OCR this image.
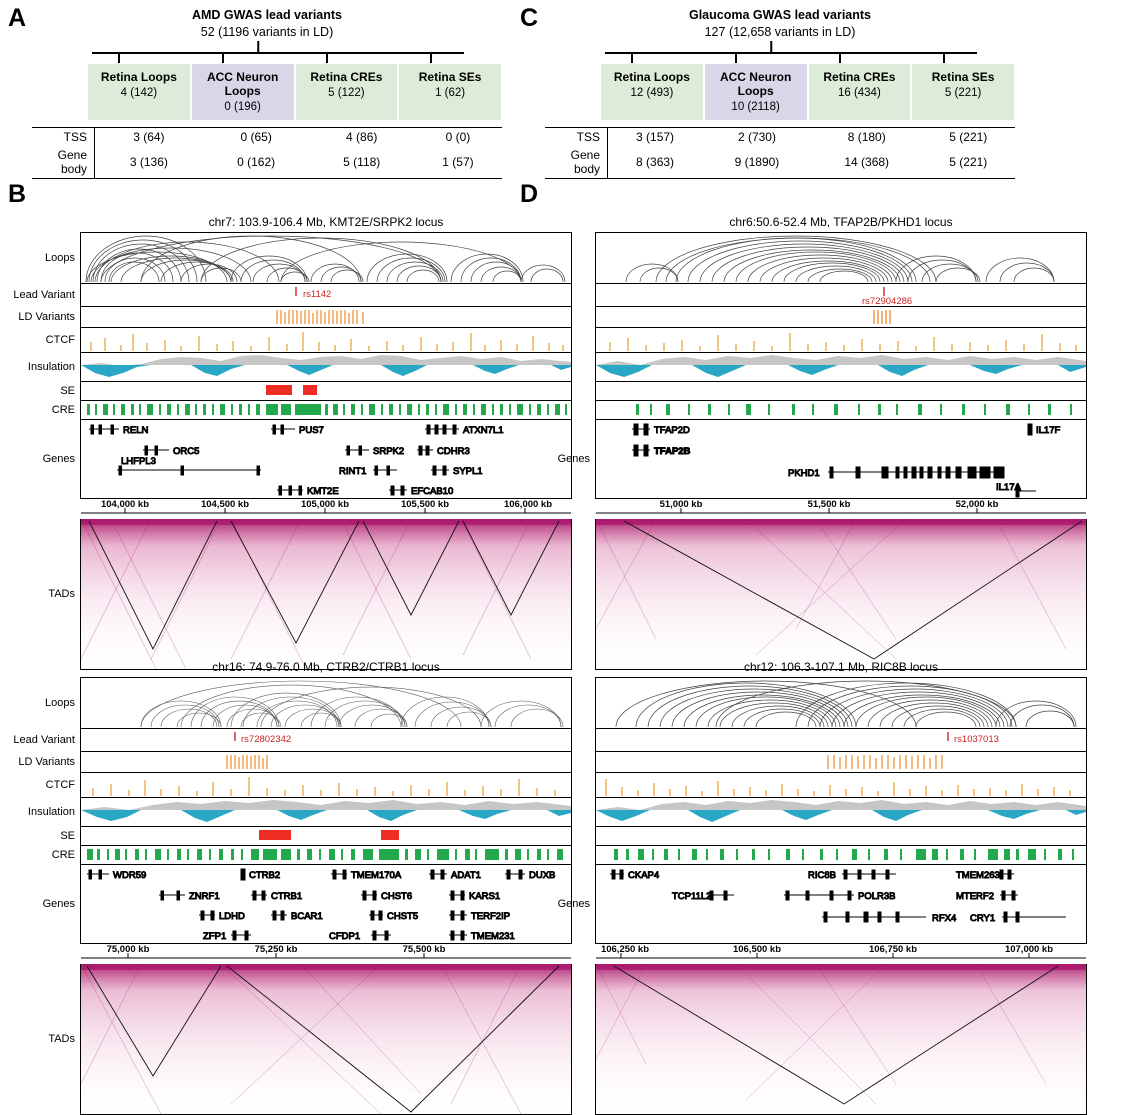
A
B
C
D
AMD GWAS lead variants
52 (1196 variants in LD)
Retina Loops
4 (142)
ACC Neuron Loops
0 (196)
Retina CREs
5 (122)
Retina SEs
1 (62)
TSS	3 (64)	0 (65)	4 (86)	0 (0)
Gene body	3 (136)	0 (162)	5 (118)	1 (57)
Glaucoma GWAS lead variants
127 (12,658 variants in LD)
Retina Loops
12 (493)
ACC Neuron Loops
10 (2118)
Retina CREs
16 (434)
Retina SEs
5 (221)
TSS	3 (157)	2 (730)	8 (180)	5 (221)
Gene body	8 (363)	9 (1890)	14 (368)	5 (221)
chr7: 103.9-106.4 Mb, KMT2E/SRPK2 locus
Loops
Lead Variant	rs1142
LD Variants
CTCF
Insulation
SE
CRE
Genes
RELN	PUS7	ATXN7L1
ORC5	SRPK2	CDHR3
LHFPL3
RINT1	SYPL1
KMT2E	EFCAB10
104,000 kb	104,500 kb	105,000 kb	105,500 kb	106,000 kb
TADs
chr16: 74.9-76.0 Mb, CTRB2/CTRB1 locus
Loops
Lead Variant	rs72802342
LD Variants
CTCF
Insulation
SE
CRE
Genes
WDR59	CTRB2	TMEM170A	ADAT1	DUXB
ZNRF1	CTRB1	CHST6	KARS1
LDHD	BCAR1	CHST5	TERF2IP
ZFP1	CFDP1	TMEM231
75,000 kb	75,250 kb	75,500 kb
TADs
chr6:50.6-52.4 Mb, TFAP2B/PKHD1 locus
rs72904286
Genes
TFAP2D	IL17F
TFAP2B
PKHD1
IL17A
51,000 kb	51,500 kb	52,000 kb
chr12: 106.3-107.1 Mb, RIC8B locus
rs1037013
Genes
CKAP4	RIC8B	TMEM263
TCP11L2	POLR3B	MTERF2
RFX4 CRY1
106,250 kb	106,500 kb	106,750 kb	107,000 kb
